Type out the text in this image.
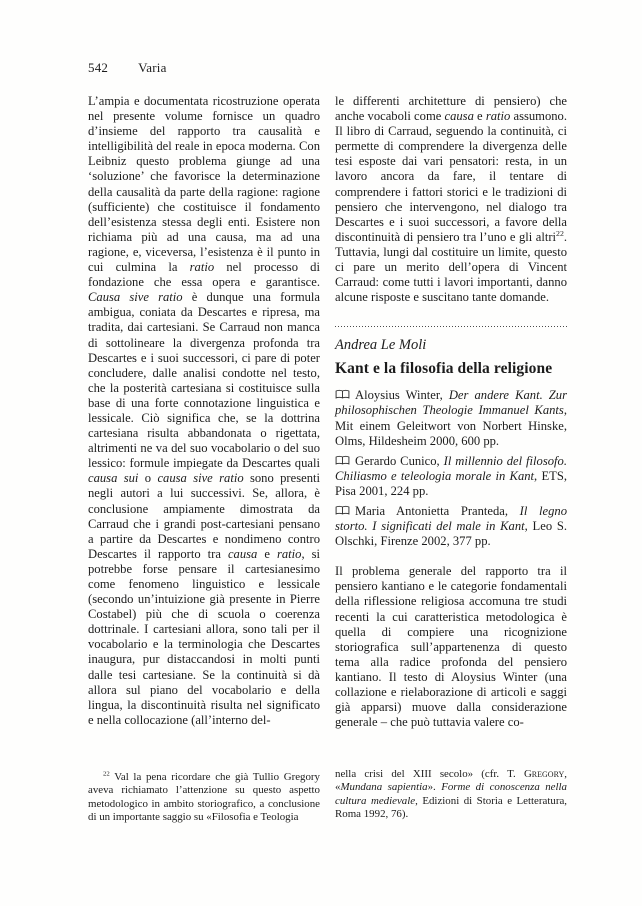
542 Varia

L’ampia e documentata ricostruzione operata nel presente volume fornisce un quadro d’insieme del rapporto tra causalità e intelligibilità del reale in epoca moderna. Con Leibniz questo problema giunge ad una ‘soluzione’ che favorisce la determinazione della causalità da parte della ragione: ragione (sufficiente) che costituisce il fondamento dell’esistenza stessa degli enti. Esistere non richiama più ad una causa, ma ad una ragione, e, viceversa, l’esistenza è il punto in cui culmina la ratio nel processo di fondazione che essa opera e garantisce. Causa sive ratio è dunque una formula ambigua, coniata da Descartes e ripresa, ma tradita, dai cartesiani. Se Carraud non manca di sottolineare la divergenza profonda tra Descartes e i suoi successori, ci pare di poter concludere, dalle analisi condotte nel testo, che la posterità cartesiana si costituisce sulla base di una forte connotazione linguistica e lessicale. Ciò significa che, se la dottrina cartesiana risulta abbandonata o rigettata, altrimenti ne va del suo vocabolario o del suo lessico: formule impiegate da Descartes quali causa sui o causa sive ratio sono presenti negli autori a lui successivi. Se, allora, è conclusione ampiamente dimostrata da Carraud che i grandi post-cartesiani pensano a partire da Descartes e nondimeno contro Descartes il rapporto tra causa e ratio, si potrebbe forse pensare il cartesianesimo come fenomeno linguistico e lessicale (secondo un’intuizione già presente in Pierre Costabel) più che di scuola o coerenza dottrinale. I cartesiani allora, sono tali per il vocabolario e la terminologia che Descartes inaugura, pur distaccandosi in molti punti dalle tesi cartesiane. Se la continuità si dà allora sul piano del vocabolario e della lingua, la discontinuità risulta nel significato e nella collocazione (all’interno del-

le differenti architetture di pensiero) che anche vocaboli come causa e ratio assumono. Il libro di Carraud, seguendo la continuità, ci permette di comprendere la divergenza delle tesi esposte dai vari pensatori: resta, in un lavoro ancora da fare, il tentare di comprendere i fattori storici e le tradizioni di pensiero che intervengono, nel dialogo tra Descartes e i suoi successori, a favore della discontinuità di pensiero tra l’uno e gli altri$^{22}$. Tuttavia, lungi dal costituire un limite, questo ci pare un merito dell’opera di Vincent Carraud: come tutti i lavori importanti, danno alcune risposte e suscitano tante domande.

Andrea Le Moli
Kant e la filosofia della religione

Aloysius Winter, Der andere Kant. Zur philosophischen Theologie Immanuel Kants, Mit einem Geleitwort von Norbert Hinske, Olms, Hildesheim 2000, 600 pp.

Gerardo Cunico, Il millennio del filosofo. Chiliasmo e teleologia morale in Kant, ETS, Pisa 2001, 224 pp.

Maria Antonietta Pranteda, Il legno storto. I significati del male in Kant, Leo S. Olschki, Firenze 2002, 377 pp.

Il problema generale del rapporto tra il pensiero kantiano e le categorie fondamentali della riflessione religiosa accomuna tre studi recenti la cui caratteristica metodologica è quella di compiere una ricognizione storiografica sull’appartenenza di questo tema alla radice profonda del pensiero kantiano. Il testo di Aloysius Winter (una collazione e rielaborazione di articoli e saggi già apparsi) muove dalla considerazione generale – che può tuttavia valere co-

$^{22}$ Val la pena ricordare che già Tullio Gregory aveva richiamato l’attenzione su questo aspetto metodologico in ambito storiografico, a conclusione di un importante saggio su «Filosofia e Teologia
nella crisi del XIII secolo» (cfr. T. Gregory, «Mundana sapientia». Forme di conoscenza nella cultura medievale, Edizioni di Storia e Letteratura, Roma 1992, 76).
